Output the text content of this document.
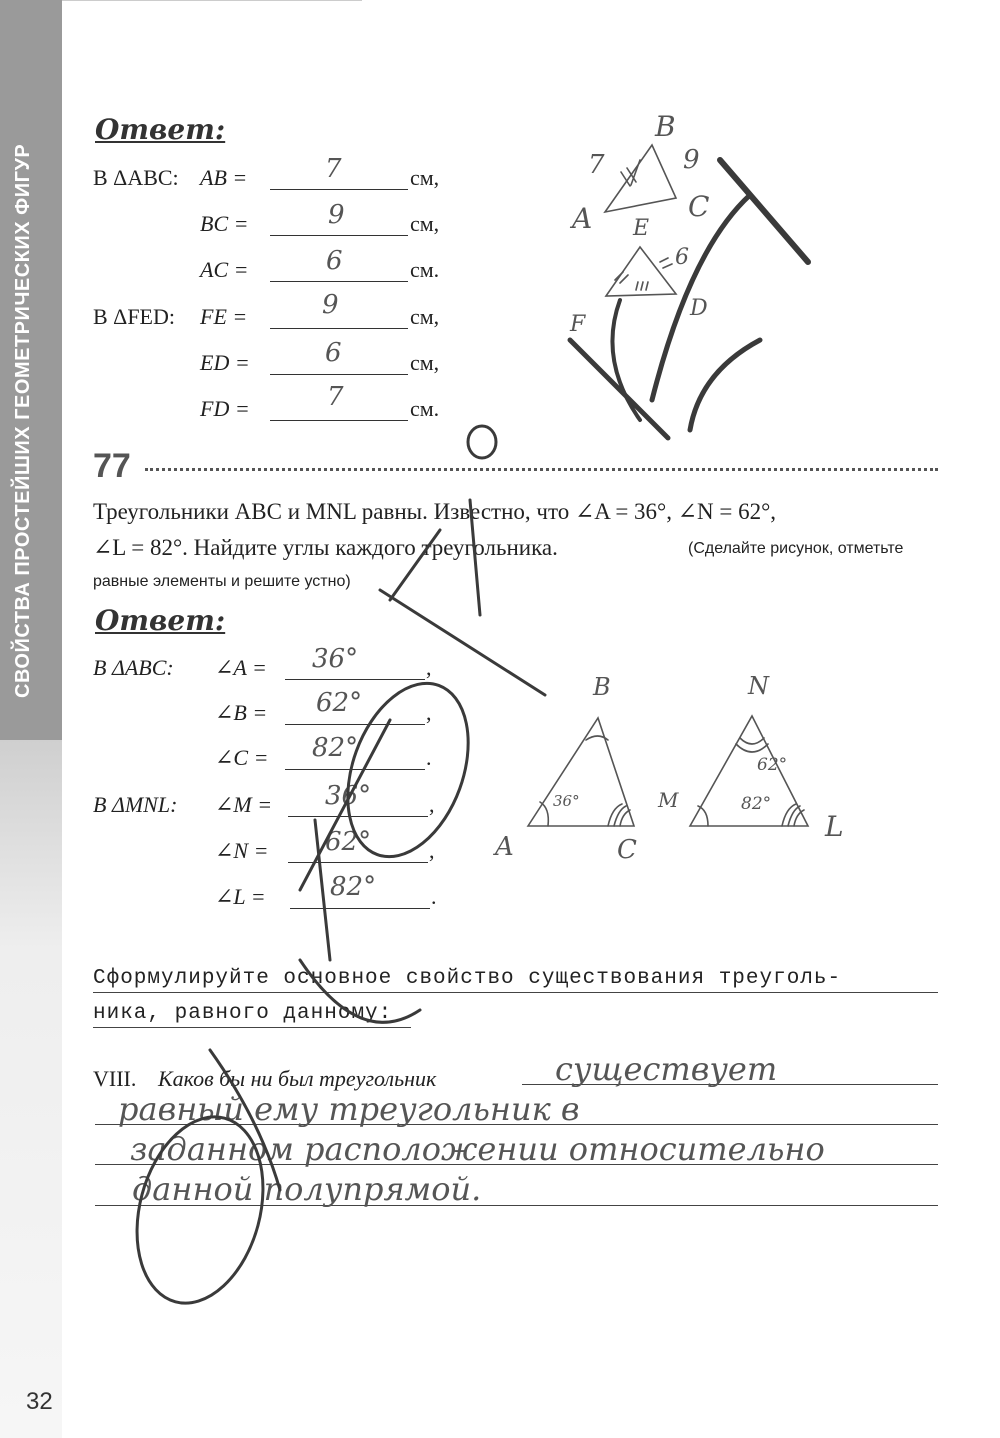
СВОЙСТВА ПРОСТЕЙШИХ ГЕОМЕТРИЧЕСКИХ ФИГУР
Ответ:
В ΔABC: AB =	7	см,
BC =	9	см,
AC =	6	см.
В ΔFED: FE =	9	см,
ED =	6	см,
FD =	7	см.
B
7	9
A	C
E
6
F
D
77
Треугольники ABC и MNL равны. Известно, что ∠A = 36°, ∠N = 62°,
∠L = 82°. Найдите углы каждого треугольника.	(Сделайте рисунок, отметьте
равные элементы и решите устно)
Ответ:
В ΔABC: ∠A = 36°	,
∠B = 62°	,
∠C = 82°	.
В ΔMNL: ∠M = 36°	,
∠N = 62°	,
∠L = 82° .
B
36°
A	C
N
62°
M	82°
L
Сформулируйте основное свойство существования треуголь-
ника, равного данному:
VIII. Каков бы ни был треугольник	существует
равный ему треугольник в
заданном расположении относительно
данной полупрямой.
32
